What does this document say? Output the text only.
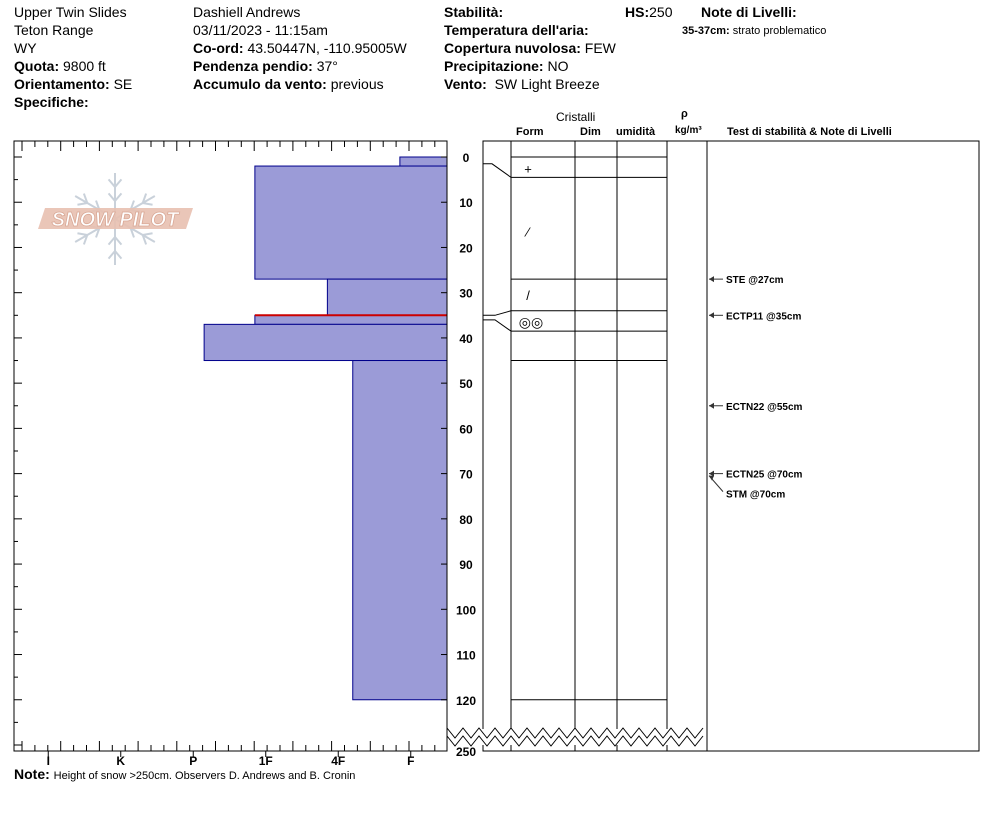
Upper Twin Slides
Teton Range
WY
Quota: 9800 ft
Orientamento: SE
Specifiche:
Dashiell Andrews
03/11/2023 - 11:15am
Co-ord: 43.50447N, -110.95005W
Pendenza pendio: 37°
Accumulo da vento: previous
Stabilità:
Temperatura dell'aria:
Copertura nuvolosa: FEW
Precipitazione: NO
Vento: SW Light Breeze
HS:250 Note di Livelli:
35-37cm: strato problematico
Cristalli
Form	Dim umidità
ρ
kg/m³ Test di stabilità & Note di Livelli
SNOW PILOT
I	K	P	1F	4F	F
0
10
20
30
40
50
60
70
80
90
100
110
120
250
+
⁄
/
◎◎
STE @27cm
ECTP11 @35cm
ECTN22 @55cm
ECTN25 @70cm
STM @70cm
Note: Height of snow >250cm. Observers D. Andrews and B. Cronin
